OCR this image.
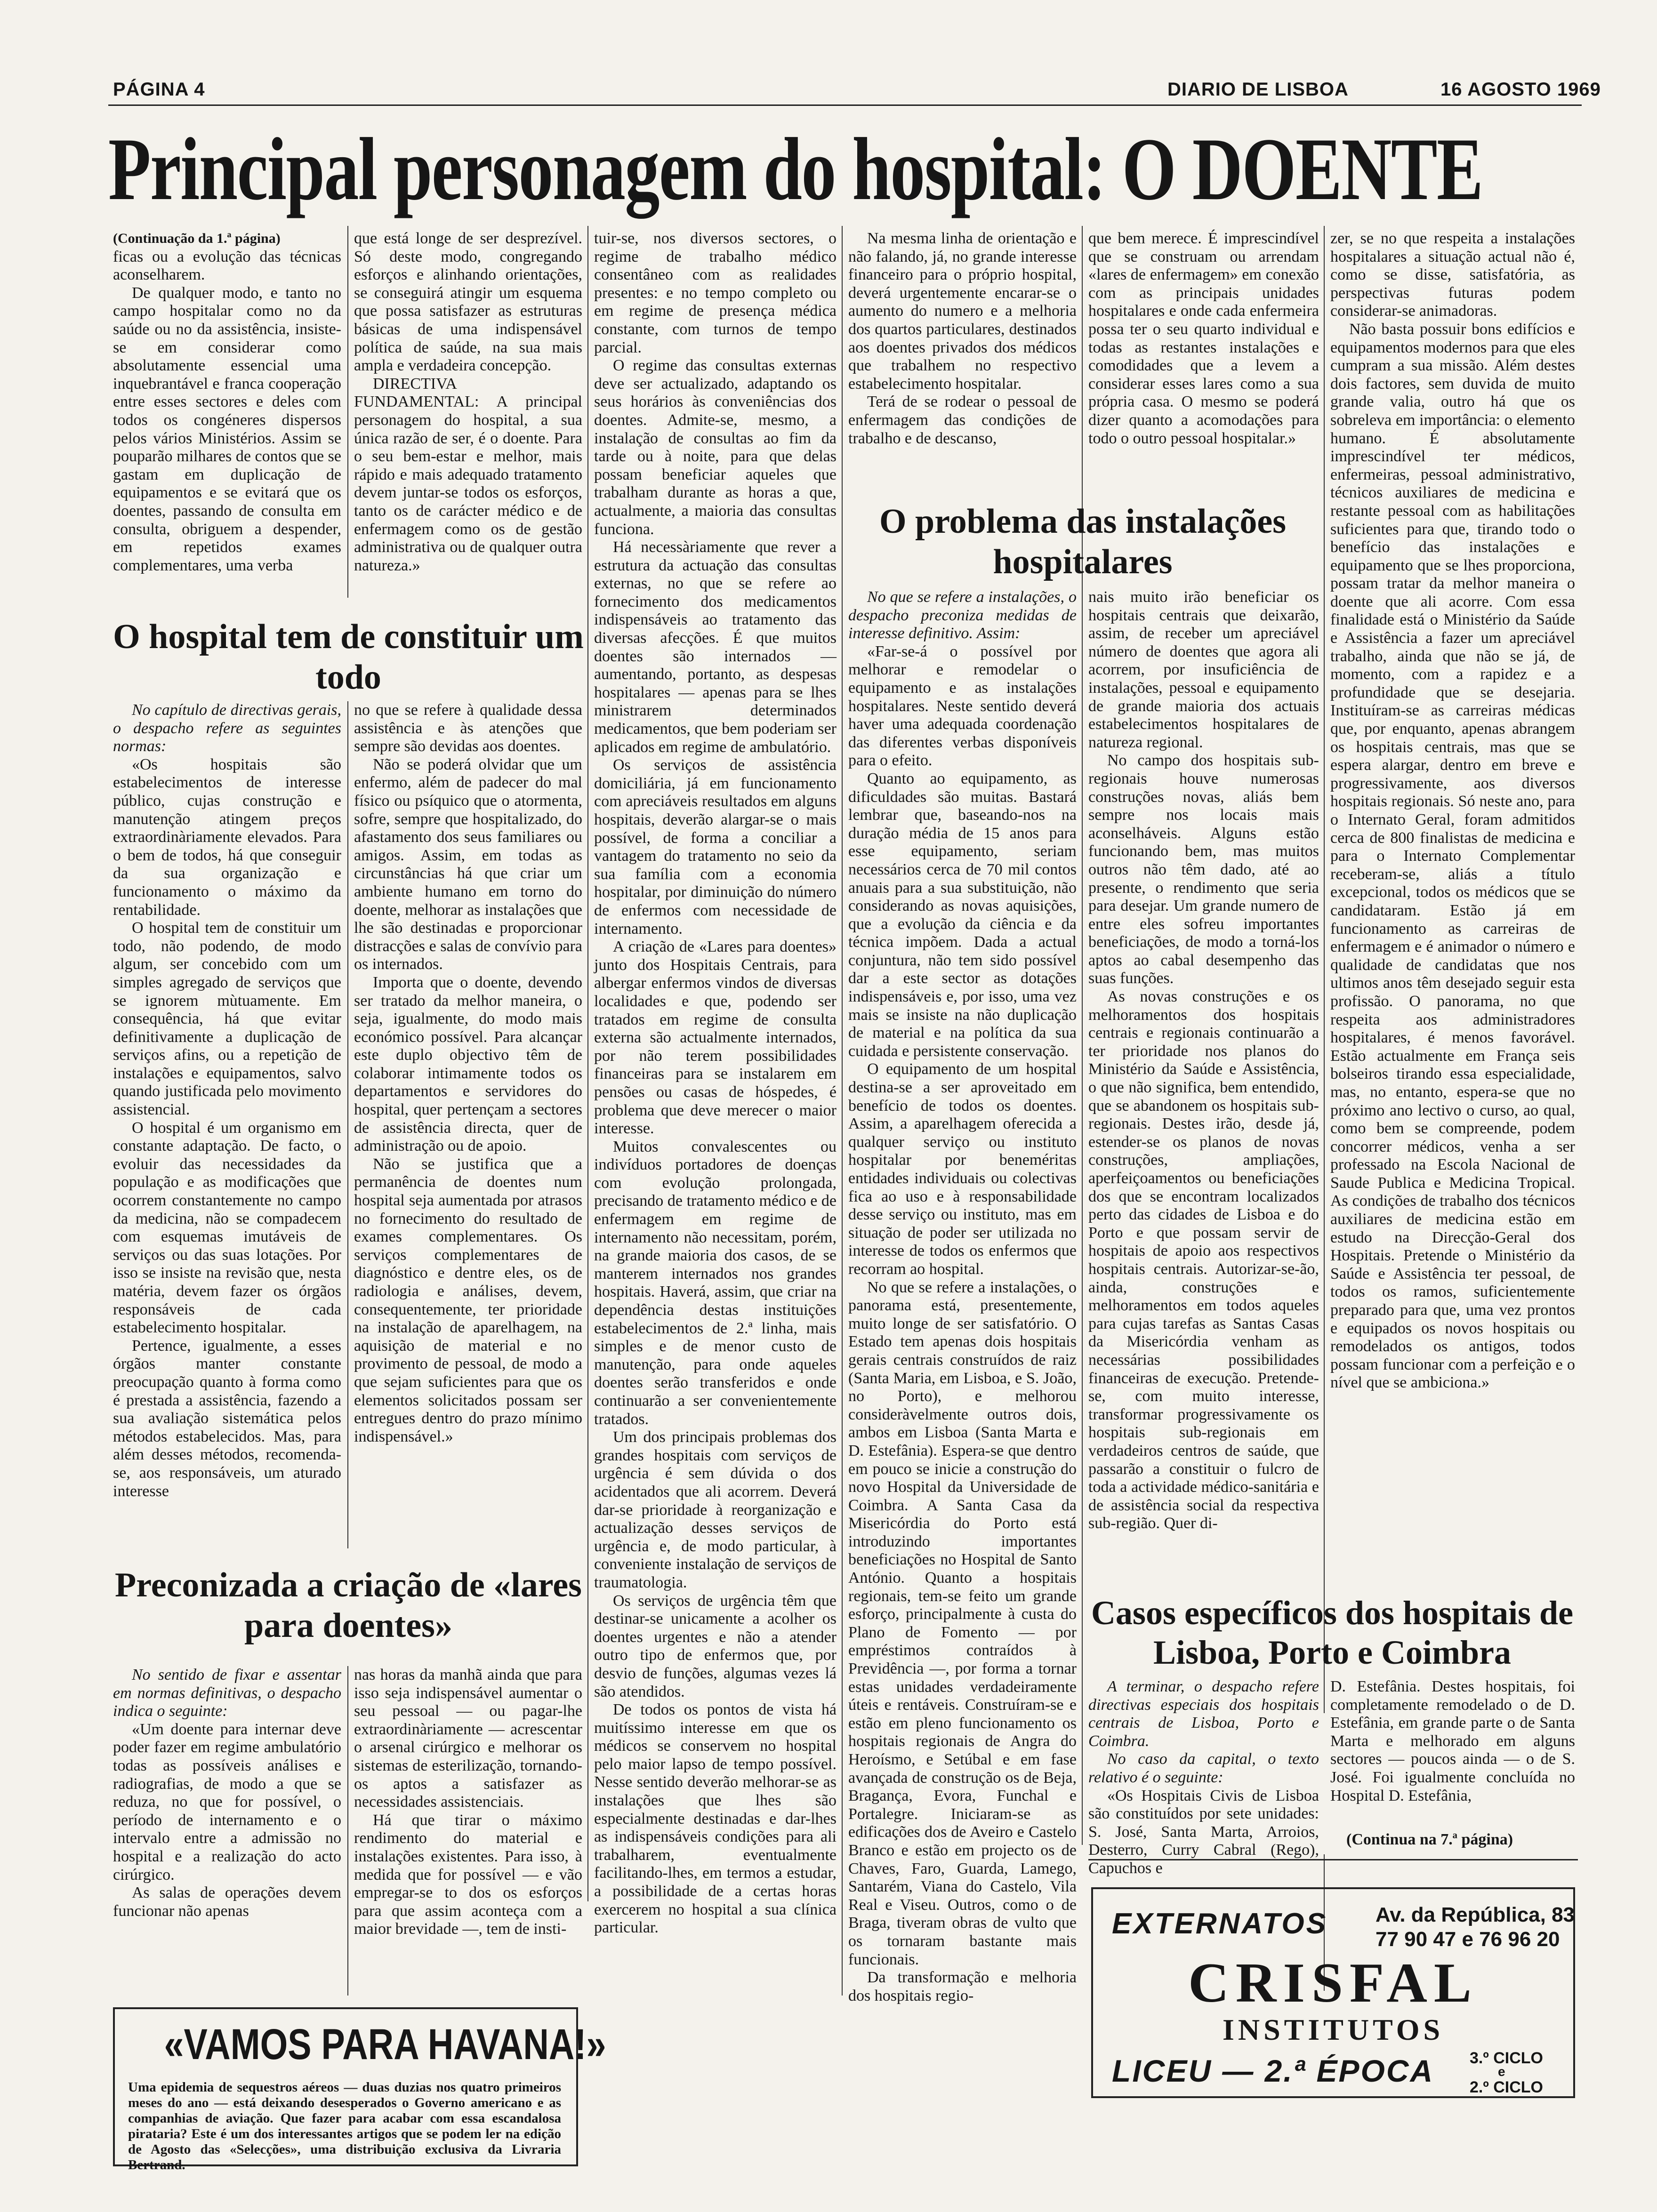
PÁGINA 4	DIARIO DE LISBOA	16 AGOSTO 1969
Principal personagem do hospital: O DOENTE

(Continuação da 1.ª página)

ficas ou a evolução das técnicas aconselharem.

De qualquer modo, e tanto no campo hospitalar como no da saúde ou no da assistência, insiste-se em considerar como absolutamente essencial uma inquebrantável e franca cooperação entre esses sectores e deles com todos os congéneres dispersos pelos vários Ministérios. Assim se pouparão milhares de contos que se gastam em duplicação de equipamentos e se evitará que os doentes, passando de consulta em consulta, obriguem a despender, em repetidos exames complementares, uma verba

que está longe de ser desprezível. Só deste modo, congregando esforços e alinhando orientações, se conseguirá atingir um esquema que possa satisfazer as estruturas básicas de uma indispensável política de saúde, na sua mais ampla e verdadeira concepção.

DIRECTIVA FUNDAMENTAL: A principal personagem do hospital, a sua única razão de ser, é o doente. Para o seu bem-estar e melhor, mais rápido e mais adequado tratamento devem juntar-se todos os esforços, tanto os de carácter médico e de enfermagem como os de gestão administrativa ou de qualquer outra natureza.»

O hospital tem de constituir um todo

No capítulo de directivas gerais, o despacho refere as seguintes normas:

«Os hospitais são estabelecimentos de interesse público, cujas construção e manutenção atingem preços extraordinàriamente elevados. Para o bem de todos, há que conseguir da sua organização e funcionamento o máximo da rentabilidade.

O hospital tem de constituir um todo, não podendo, de modo algum, ser concebido com um simples agregado de serviços que se ignorem mùtuamente. Em consequência, há que evitar definitivamente a duplicação de serviços afins, ou a repetição de instalações e equipamentos, salvo quando justificada pelo movimento assistencial.

O hospital é um organismo em constante adaptação. De facto, o evoluir das necessidades da população e as modificações que ocorrem constantemente no campo da medicina, não se compadecem com esquemas imutáveis de serviços ou das suas lotações. Por isso se insiste na revisão que, nesta matéria, devem fazer os órgãos responsáveis de cada estabelecimento hospitalar.

Pertence, igualmente, a esses órgãos manter constante preocupação quanto à forma como é prestada a assistência, fazendo a sua avaliação sistemática pelos métodos estabelecidos. Mas, para além desses métodos, recomenda-se, aos responsáveis, um aturado interesse

no que se refere à qualidade dessa assistência e às atenções que sempre são devidas aos doentes.

Não se poderá olvidar que um enfermo, além de padecer do mal físico ou psíquico que o atormenta, sofre, sempre que hospitalizado, do afastamento dos seus familiares ou amigos. Assim, em todas as circunstâncias há que criar um ambiente humano em torno do doente, melhorar as instalações que lhe são destinadas e proporcionar distracções e salas de convívio para os internados.

Importa que o doente, devendo ser tratado da melhor maneira, o seja, igualmente, do modo mais económico possível. Para alcançar este duplo objectivo têm de colaborar intimamente todos os departamentos e servidores do hospital, quer pertençam a sectores de assistência directa, quer de administração ou de apoio.

Não se justifica que a permanência de doentes num hospital seja aumentada por atrasos no fornecimento do resultado de exames complementares. Os serviços complementares de diagnóstico e dentre eles, os de radiologia e análises, devem, consequentemente, ter prioridade na instalação de aparelhagem, na aquisição de material e no provimento de pessoal, de modo a que sejam suficientes para que os elementos solicitados possam ser entregues dentro do prazo mínimo indispensável.»

Preconizada a criação de «lares para doentes»

No sentido de fixar e assentar em normas definitivas, o despacho indica o seguinte:

«Um doente para internar deve poder fazer em regime ambulatório todas as possíveis análises e radiografias, de modo a que se reduza, no que for possível, o período de internamento e o intervalo entre a admissão no hospital e a realização do acto cirúrgico.

As salas de operações devem funcionar não apenas

nas horas da manhã ainda que para isso seja indispensável aumentar o seu pessoal — ou pagar-lhe extraordinàriamente — acrescentar o arsenal cirúrgico e melhorar os sistemas de esterilização, tornando-os aptos a satisfazer as necessidades assistenciais.

Há que tirar o máximo rendimento do material e instalações existentes. Para isso, à medida que for possível — e vão empregar-se to dos os esforços para que assim aconteça com a maior brevidade —, tem de insti-

tuir-se, nos diversos sectores, o regime de trabalho médico consentâneo com as realidades presentes: e no tempo completo ou em regime de presença médica constante, com turnos de tempo parcial.

O regime das consultas externas deve ser actualizado, adaptando os seus horários às conveniências dos doentes. Admite-se, mesmo, a instalação de consultas ao fim da tarde ou à noite, para que delas possam beneficiar aqueles que trabalham durante as horas a que, actualmente, a maioria das consultas funciona.

Há necessàriamente que rever a estrutura da actuação das consultas externas, no que se refere ao fornecimento dos medicamentos indispensáveis ao tratamento das diversas afecções. É que muitos doentes são internados — aumentando, portanto, as despesas hospitalares — apenas para se lhes ministrarem determinados medicamentos, que bem poderiam ser aplicados em regime de ambulatório.

Os serviços de assistência domiciliária, já em funcionamento com apreciáveis resultados em alguns hospitais, deverão alargar-se o mais possível, de forma a conciliar a vantagem do tratamento no seio da sua família com a economia hospitalar, por diminuição do número de enfermos com necessidade de internamento.

A criação de «Lares para doentes» junto dos Hospitais Centrais, para albergar enfermos vindos de diversas localidades e que, podendo ser tratados em regime de consulta externa são actualmente internados, por não terem possibilidades financeiras para se instalarem em pensões ou casas de hóspedes, é problema que deve merecer o maior interesse.

Muitos convalescentes ou indivíduos portadores de doenças com evolução prolongada, precisando de tratamento médico e de enfermagem em regime de internamento não necessitam, porém, na grande maioria dos casos, de se manterem internados nos grandes hospitais. Haverá, assim, que criar na dependência destas instituições estabelecimentos de 2.ª linha, mais simples e de menor custo de manutenção, para onde aqueles doentes serão transferidos e onde continuarão a ser convenientemente tratados.

Um dos principais problemas dos grandes hospitais com serviços de urgência é sem dúvida o dos acidentados que ali acorrem. Deverá dar-se prioridade à reorganização e actualização desses serviços de urgência e, de modo particular, à conveniente instalação de serviços de traumatologia.

Os serviços de urgência têm que destinar-se unicamente a acolher os doentes urgentes e não a atender outro tipo de enfermos que, por desvio de funções, algumas vezes lá são atendidos.

De todos os pontos de vista há muitíssimo interesse em que os médicos se conservem no hospital pelo maior lapso de tempo possível. Nesse sentido deverão melhorar-se as instalações que lhes são especialmente destinadas e dar-lhes as indispensáveis condições para ali trabalharem, eventualmente facilitando-lhes, em termos a estudar, a possibilidade de a certas horas exercerem no hospital a sua clínica particular.

Na mesma linha de orientação e não falando, já, no grande interesse financeiro para o próprio hospital, deverá urgentemente encarar-se o aumento do numero e a melhoria dos quartos particulares, destinados aos doentes privados dos médicos que trabalhem no respectivo estabelecimento hospitalar.

Terá de se rodear o pessoal de enfermagem das condições de trabalho e de descanso,

que bem merece. É imprescindível que se construam ou arrendam «lares de enfermagem» em conexão com as principais unidades hospitalares e onde cada enfermeira possa ter o seu quarto individual e todas as restantes instalações e comodidades que a levem a considerar esses lares como a sua própria casa. O mesmo se poderá dizer quanto a acomodações para todo o outro pessoal hospitalar.»

O problema das instalações hospitalares

No que se refere a instalações, o despacho preconiza medidas de interesse definitivo. Assim:

«Far-se-á o possível por melhorar e remodelar o equipamento e as instalações hospitalares. Neste sentido deverá haver uma adequada coordenação das diferentes verbas disponíveis para o efeito.

Quanto ao equipamento, as dificuldades são muitas. Bastará lembrar que, baseando-nos na duração média de 15 anos para esse equipamento, seriam necessários cerca de 70 mil contos anuais para a sua substituição, não considerando as novas aquisições, que a evolução da ciência e da técnica impõem. Dada a actual conjuntura, não tem sido possível dar a este sector as dotações indispensáveis e, por isso, uma vez mais se insiste na não duplicação de material e na política da sua cuidada e persistente conservação.

O equipamento de um hospital destina-se a ser aproveitado em benefício de todos os doentes. Assim, a aparelhagem oferecida a qualquer serviço ou instituto hospitalar por beneméritas entidades individuais ou colectivas fica ao uso e à responsabilidade desse serviço ou instituto, mas em situação de poder ser utilizada no interesse de todos os enfermos que recorram ao hospital.

No que se refere a instalações, o panorama está, presentemente, muito longe de ser satisfatório. O Estado tem apenas dois hospitais gerais centrais construídos de raiz (Santa Maria, em Lisboa, e S. João, no Porto), e melhorou consideràvelmente outros dois, ambos em Lisboa (Santa Marta e D. Estefânia). Espera-se que dentro em pouco se inicie a construção do novo Hospital da Universidade de Coimbra. A Santa Casa da Misericórdia do Porto está introduzindo importantes beneficiações no Hospital de Santo António. Quanto a hospitais regionais, tem-se feito um grande esforço, principalmente à custa do Plano de Fomento — por empréstimos contraídos à Previdência —, por forma a tornar estas unidades verdadeiramente úteis e rentáveis. Construíram-se e estão em pleno funcionamento os hospitais regionais de Angra do Heroísmo, e Setúbal e em fase avançada de construção os de Beja, Bragança, Evora, Funchal e Portalegre. Iniciaram-se as edificações dos de Aveiro e Castelo Branco e estão em projecto os de Chaves, Faro, Guarda, Lamego, Santarém, Viana do Castelo, Vila Real e Viseu. Outros, como o de Braga, tiveram obras de vulto que os tornaram bastante mais funcionais.

Da transformação e melhoria dos hospitais regio-

nais muito irão beneficiar os hospitais centrais que deixarão, assim, de receber um apreciável número de doentes que agora ali acorrem, por insuficiência de instalações, pessoal e equipamento de grande maioria dos actuais estabelecimentos hospitalares de natureza regional.

No campo dos hospitais sub-regionais houve numerosas construções novas, aliás bem sempre nos locais mais aconselháveis. Alguns estão funcionando bem, mas muitos outros não têm dado, até ao presente, o rendimento que seria para desejar. Um grande numero de entre eles sofreu importantes beneficiações, de modo a torná-los aptos ao cabal desempenho das suas funções.

As novas construções e os melhoramentos dos hospitais centrais e regionais continuarão a ter prioridade nos planos do Ministério da Saúde e Assistência, o que não significa, bem entendido, que se abandonem os hospitais sub-regionais. Destes irão, desde já, estender-se os planos de novas construções, ampliações, aperfeiçoamentos ou beneficiações dos que se encontram localizados perto das cidades de Lisboa e do Porto e que possam servir de hospitais de apoio aos respectivos hospitais centrais. Autorizar-se-ão, ainda, construções e melhoramentos em todos aqueles para cujas tarefas as Santas Casas da Misericórdia venham as necessárias possibilidades financeiras de execução. Pretende-se, com muito interesse, transformar progressivamente os hospitais sub-regionais em verdadeiros centros de saúde, que passarão a constituir o fulcro de toda a actividade médico-sanitária e de assistência social da respectiva sub-região. Quer di-

zer, se no que respeita a instalações hospitalares a situação actual não é, como se disse, satisfatória, as perspectivas futuras podem considerar-se animadoras.

Não basta possuir bons edifícios e equipamentos modernos para que eles cumpram a sua missão. Além destes dois factores, sem duvida de muito grande valia, outro há que os sobreleva em importância: o elemento humano. É absolutamente imprescindível ter médicos, enfermeiras, pessoal administrativo, técnicos auxiliares de medicina e restante pessoal com as habilitações suficientes para que, tirando todo o benefício das instalações e equipamento que se lhes proporciona, possam tratar da melhor maneira o doente que ali acorre. Com essa finalidade está o Ministério da Saúde e Assistência a fazer um apreciável trabalho, ainda que não se já, de momento, com a rapidez e a profundidade que se desejaria. Instituíram-se as carreiras médicas que, por enquanto, apenas abrangem os hospitais centrais, mas que se espera alargar, dentro em breve e progressivamente, aos diversos hospitais regionais. Só neste ano, para o Internato Geral, foram admitidos cerca de 800 finalistas de medicina e para o Internato Complementar receberam-se, aliás a título excepcional, todos os médicos que se candidataram. Estão já em funcionamento as carreiras de enfermagem e é animador o número e qualidade de candidatas que nos ultimos anos têm desejado seguir esta profissão. O panorama, no que respeita aos administradores hospitalares, é menos favorável. Estão actualmente em França seis bolseiros tirando essa especialidade, mas, no entanto, espera-se que no próximo ano lectivo o curso, ao qual, como bem se compreende, podem concorrer médicos, venha a ser professado na Escola Nacional de Saude Publica e Medicina Tropical. As condições de trabalho dos técnicos auxiliares de medicina estão em estudo na Direcção-Geral dos Hospitais. Pretende o Ministério da Saúde e Assistência ter pessoal, de todos os ramos, suficientemente preparado para que, uma vez prontos e equipados os novos hospitais ou remodelados os antigos, todos possam funcionar com a perfeição e o nível que se ambiciona.»

Casos específicos dos hospitais de Lisboa, Porto e Coimbra

A terminar, o despacho refere directivas especiais dos hospitais centrais de Lisboa, Porto e Coimbra.

No caso da capital, o texto relativo é o seguinte:

«Os Hospitais Civis de Lisboa são constituídos por sete unidades: S. José, Santa Marta, Arroios, Desterro, Curry Cabral (Rego), Capuchos e

D. Estefânia. Destes hospitais, foi completamente remodelado o de D. Estefânia, em grande parte o de Santa Marta e melhorado em alguns sectores — poucos ainda — o de S. José. Foi igualmente concluída no Hospital D. Estefânia,

(Continua na 7.ª página)
«VAMOS PARA HAVANA!»
Uma epidemia de sequestros aéreos — duas duzias nos quatro primeiros meses do ano — está deixando desesperados o Governo americano e as companhias de aviação. Que fazer para acabar com essa escandalosa pirataria? Este é um dos interessantes artigos que se podem ler na edição de Agosto das «Selecções», uma distribuição exclusiva da Livraria Bertrand.
EXTERNATOS Av. da República, 83
77 90 47 e 76 96 20
CRISFAL
INSTITUTOS
LICEU — 2.ª ÉPOCA 3.º CICLO
e
2.º CICLO
